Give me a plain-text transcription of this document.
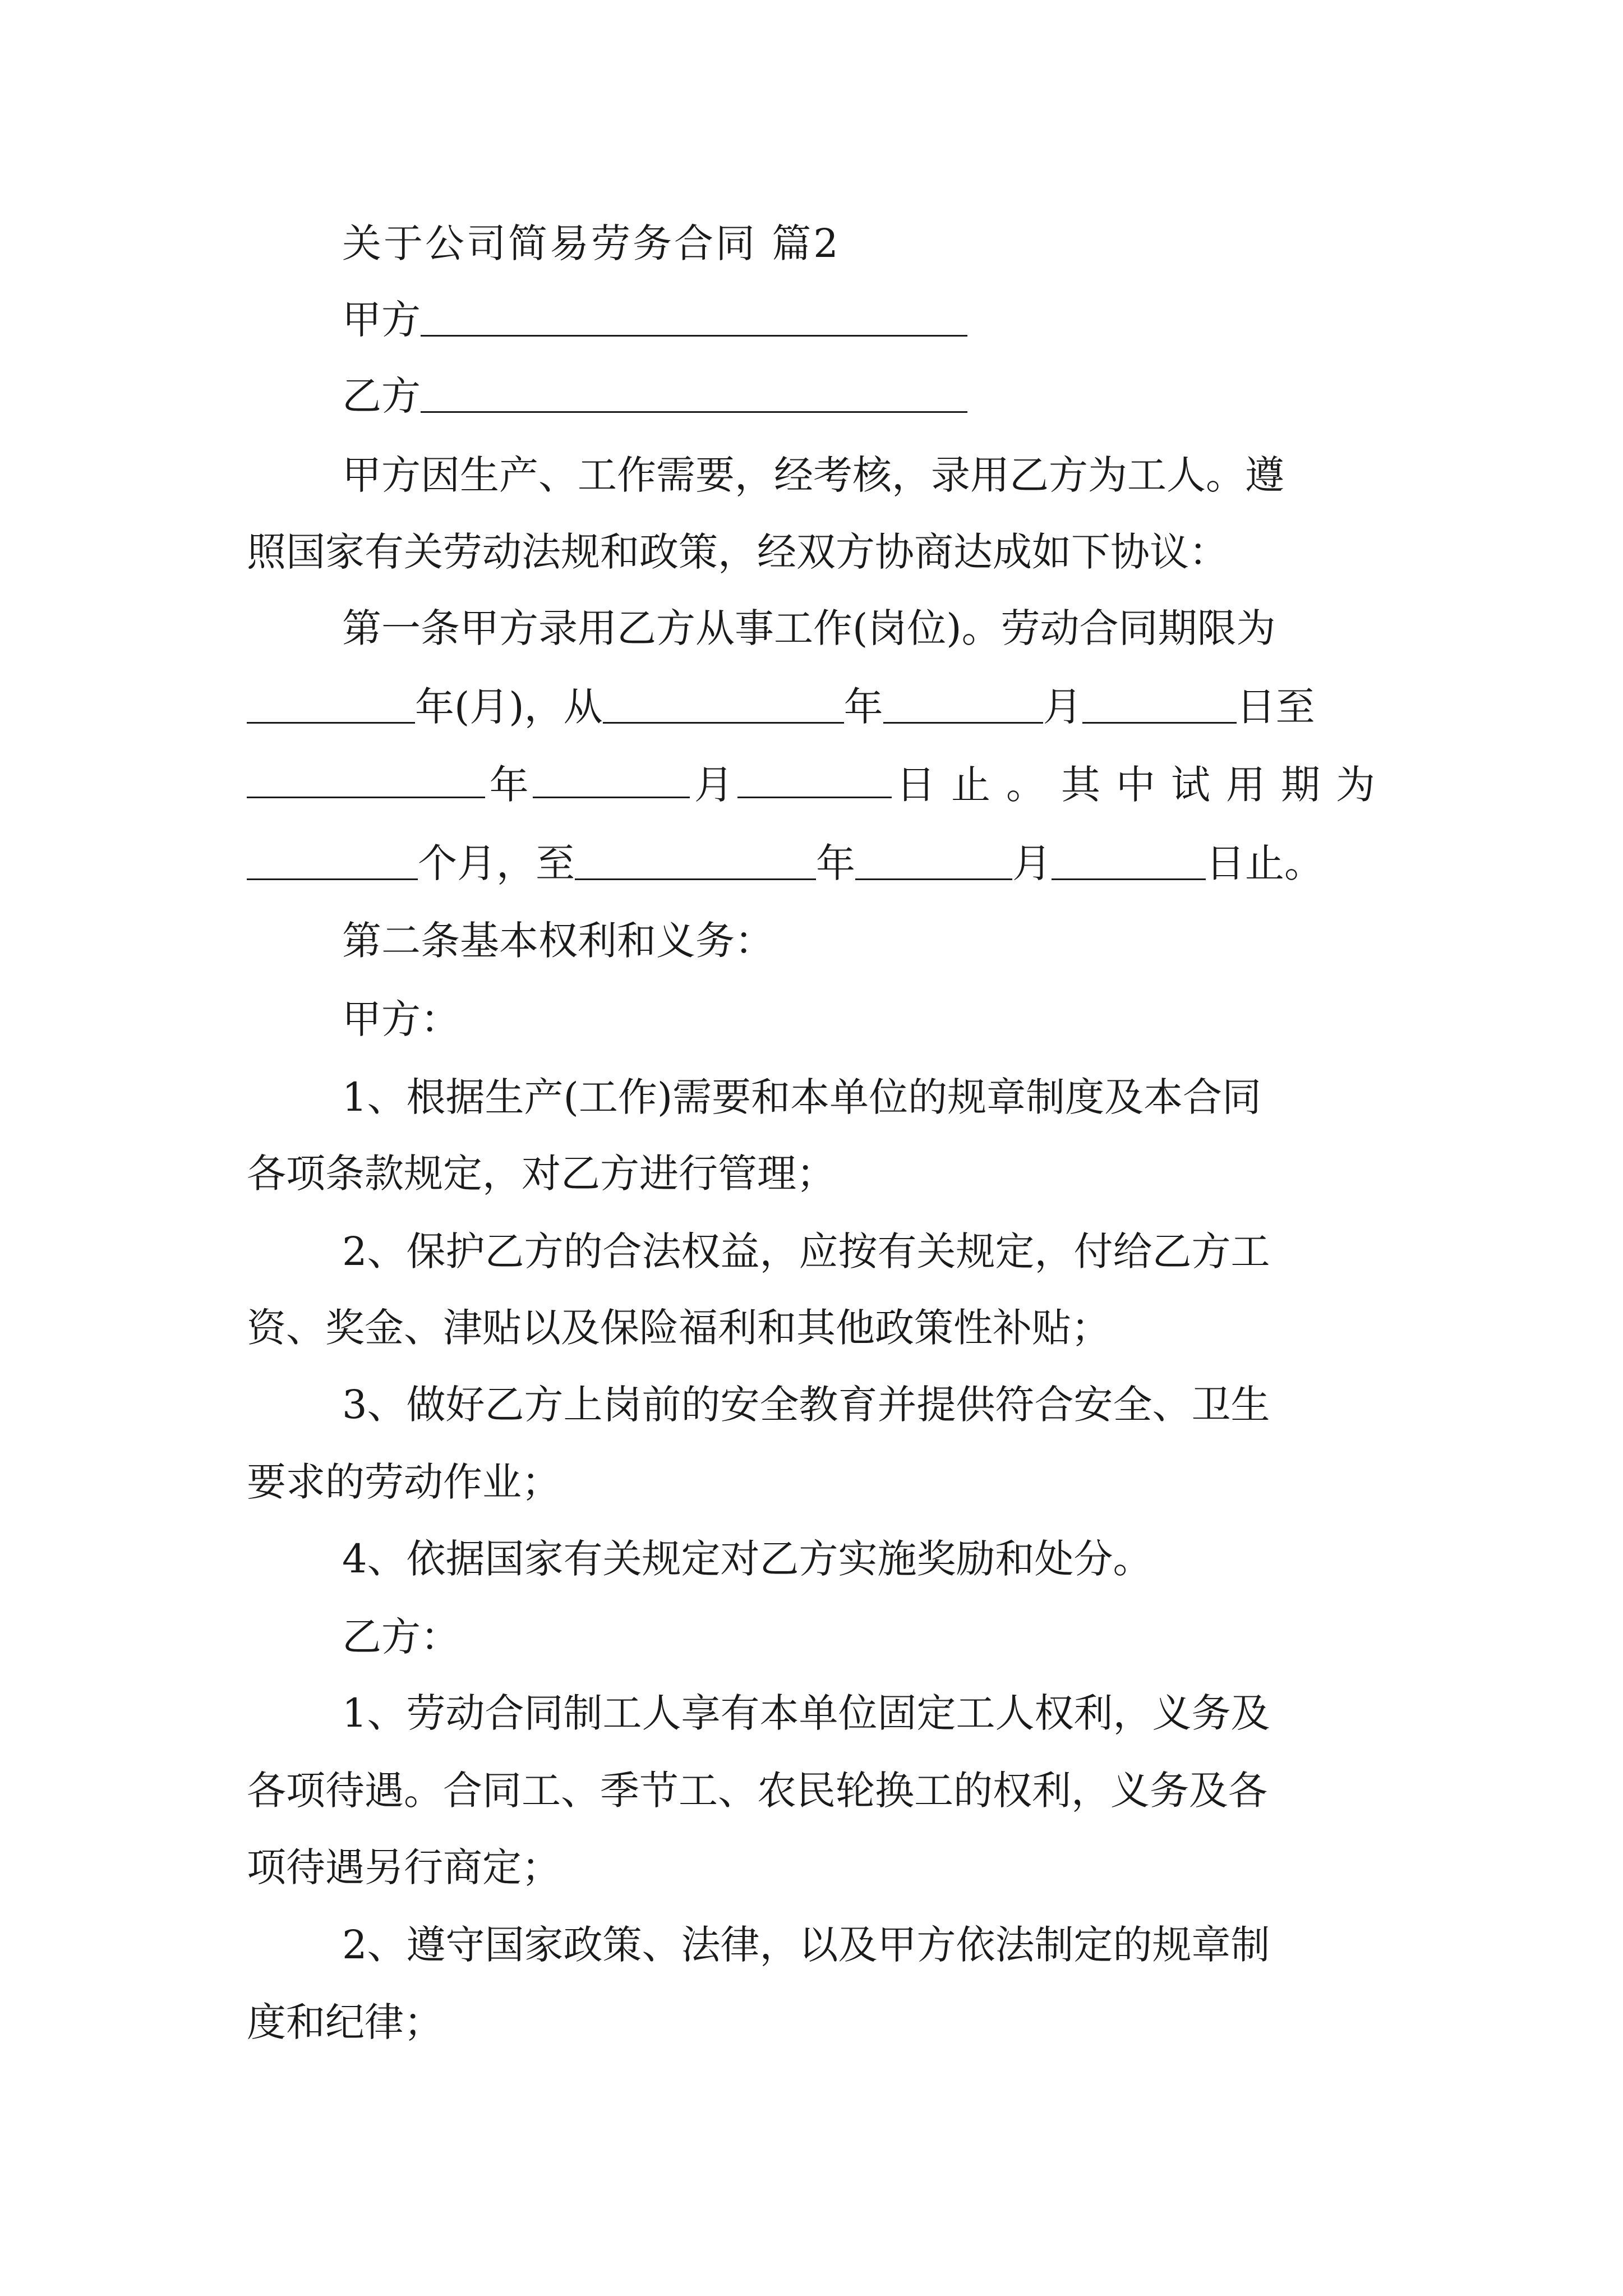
关于公司简易劳务合同 篇2
甲方
乙方
甲方因生产、工作需要，经考核，录用乙方为工人。遵
照国家有关劳动法规和政策，经双方协商达成如下协议：
第一条甲方录用乙方从事工作(岗位)。劳动合同期限为
年(月)，从	年	月	日至
年	月	日止。其中试用期为
个月，至	年	月	日止。
第二条基本权利和义务：
甲方：
1、根据生产(工作)需要和本单位的规章制度及本合同
各项条款规定，对乙方进行管理；
2、保护乙方的合法权益，应按有关规定，付给乙方工
资、奖金、津贴以及保险福利和其他政策性补贴；
3、做好乙方上岗前的安全教育并提供符合安全、卫生
要求的劳动作业；
4、依据国家有关规定对乙方实施奖励和处分。
乙方：
1、劳动合同制工人享有本单位固定工人权利，义务及
各项待遇。合同工、季节工、农民轮换工的权利，义务及各
项待遇另行商定；
2、遵守国家政策、法律，以及甲方依法制定的规章制
度和纪律；
